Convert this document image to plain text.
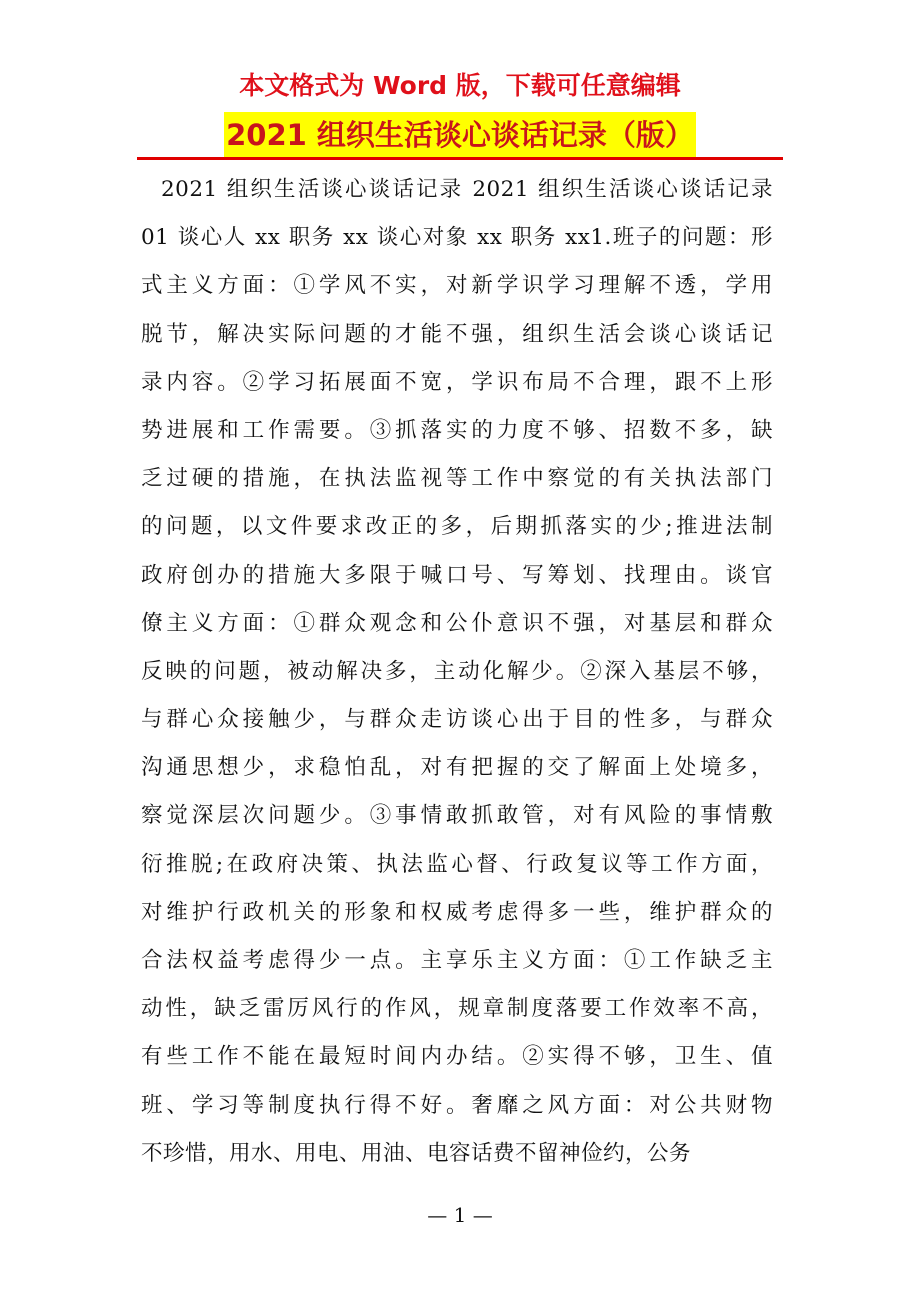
本文格式为 Word 版，下载可任意编辑
2021 组织生活谈心谈话记录（版）
2021 组织生活谈心谈话记录 2021 组织生活谈心谈话记录
01 谈心人 xx 职务 xx 谈心对象 xx 职务 xx1.班子的问题：形
式主义方面：①学风不实，对新学识学习理解不透，学用
脱节，解决实际问题的才能不强，组织生活会谈心谈话记
录内容。②学习拓展面不宽，学识布局不合理，跟不上形
势进展和工作需要。③抓落实的力度不够、招数不多，缺
乏过硬的措施，在执法监视等工作中察觉的有关执法部门
的问题，以文件要求改正的多，后期抓落实的少;推进法制
政府创办的措施大多限于喊口号、写筹划、找理由。谈官
僚主义方面：①群众观念和公仆意识不强，对基层和群众
反映的问题，被动解决多，主动化解少。②深入基层不够，
与群心众接触少，与群众走访谈心出于目的性多，与群众
沟通思想少，求稳怕乱，对有把握的交了解面上处境多，
察觉深层次问题少。③事情敢抓敢管，对有风险的事情敷
衍推脱;在政府决策、执法监心督、行政复议等工作方面，
对维护行政机关的形象和权威考虑得多一些，维护群众的
合法权益考虑得少一点。主享乐主义方面：①工作缺乏主
动性，缺乏雷厉风行的作风，规章制度落要工作效率不高，
有些工作不能在最短时间内办结。②实得不够，卫生、值
班、学习等制度执行得不好。奢靡之风方面：对公共财物
不珍惜，用水、用电、用油、电容话费不留神俭约，公务
— 1 —
